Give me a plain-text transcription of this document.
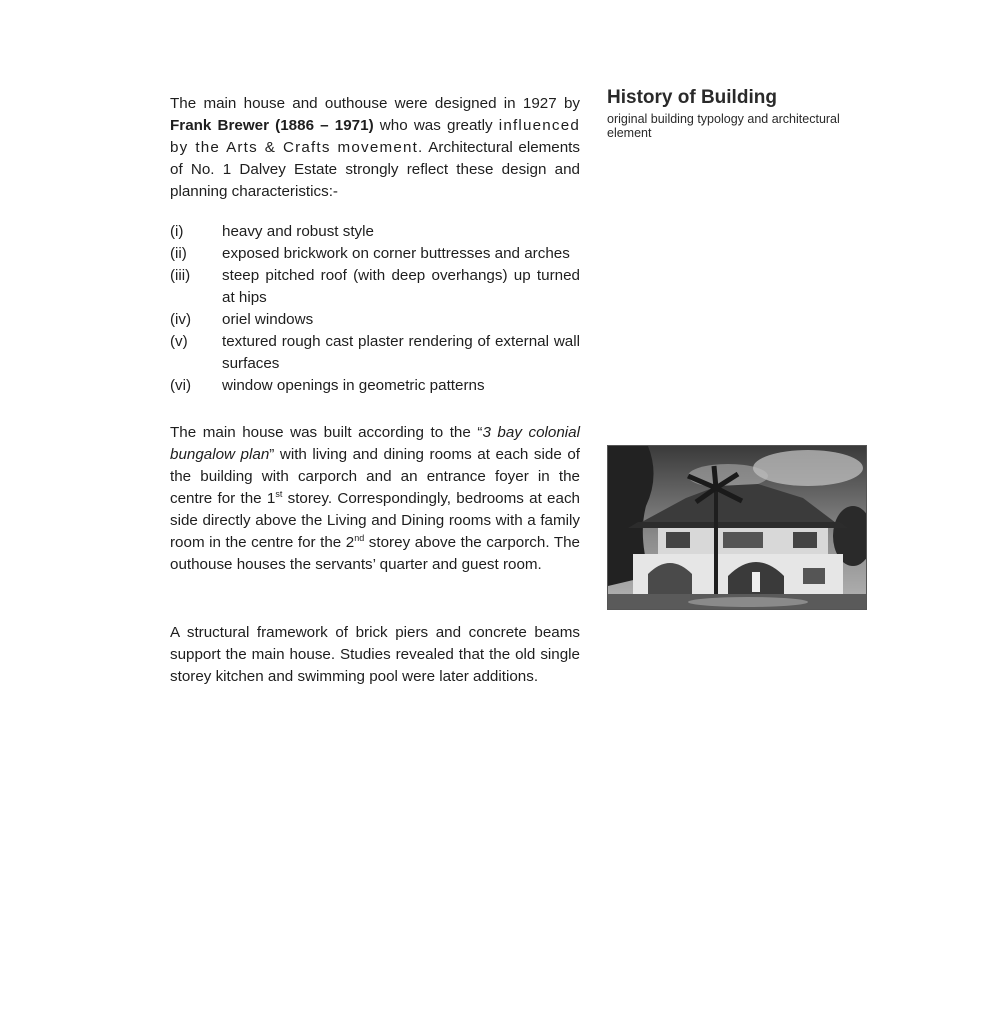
The main house and outhouse were designed in 1927 by Frank Brewer (1886 – 1971) who was greatly influenced by the Arts & Crafts movement. Architectural elements of No. 1 Dalvey Estate strongly reflect these design and planning characteristics:-

(i)	heavy and robust style
(ii)	exposed brickwork on corner buttresses and arches
(iii)	steep pitched roof (with deep overhangs) up turned at hips
(iv)	oriel windows
(v)	textured rough cast plaster rendering of external wall surfaces
(vi)	window openings in geometric patterns

The main house was built according to the “3 bay colonial bungalow plan” with living and dining rooms at each side of the building with carporch and an entrance foyer in the centre for the 1st storey. Correspondingly, bedrooms at each side directly above the Living and Dining rooms with a family room in the centre for the 2nd storey above the carporch. The outhouse houses the servants’ quarter and guest room.

A structural framework of brick piers and concrete beams support the main house. Studies revealed that the old single storey kitchen and swimming pool were later additions.

History of Building

original building typology and architectural element
